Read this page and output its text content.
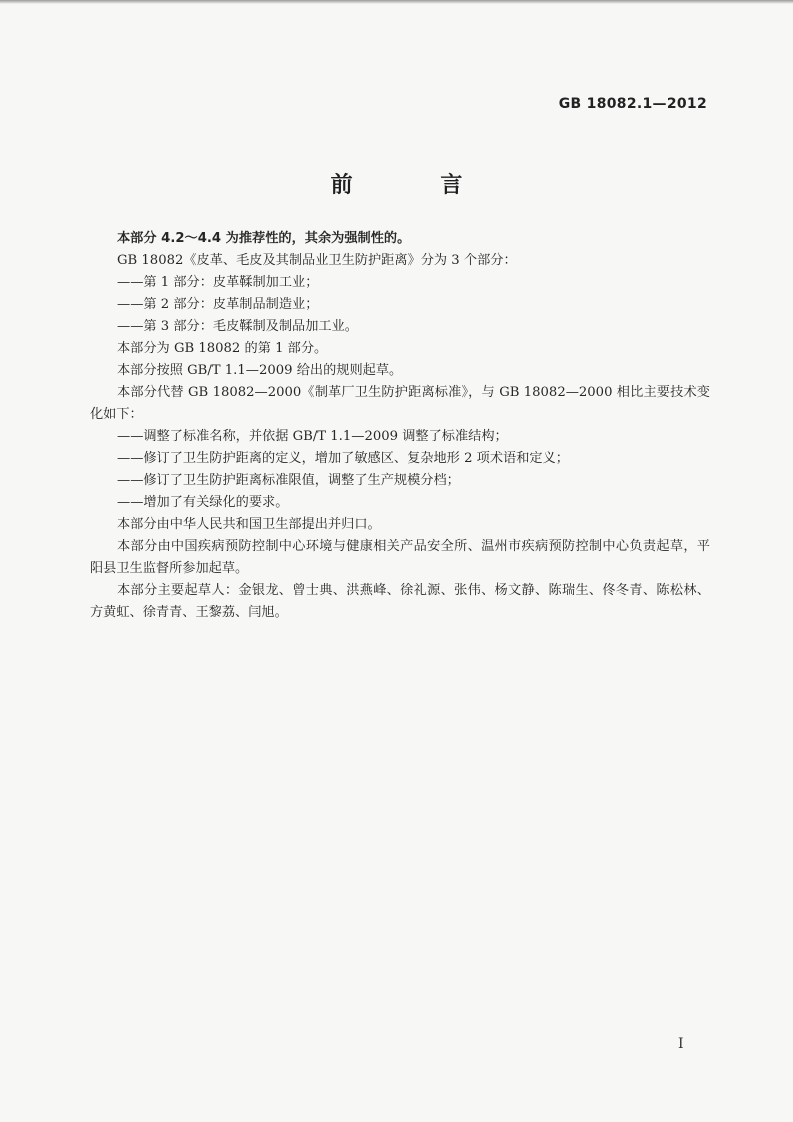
GB 18082.1—2012
前 言

本部分 4.2～4.4 为推荐性的，其余为强制性的。

GB 18082《皮革、毛皮及其制品业卫生防护距离》分为 3 个部分：

——第 1 部分：皮革鞣制加工业；

——第 2 部分：皮革制品制造业；

——第 3 部分：毛皮鞣制及制品加工业。

本部分为 GB 18082 的第 1 部分。

本部分按照 GB/T 1.1—2009 给出的规则起草。

本部分代替 GB 18082—2000《制革厂卫生防护距离标准》，与 GB 18082—2000 相比主要技术变化如下：

——调整了标准名称，并依据 GB/T 1.1—2009 调整了标准结构；

——修订了卫生防护距离的定义，增加了敏感区、复杂地形 2 项术语和定义；

——修订了卫生防护距离标准限值，调整了生产规模分档；

——增加了有关绿化的要求。

本部分由中华人民共和国卫生部提出并归口。

本部分由中国疾病预防控制中心环境与健康相关产品安全所、温州市疾病预防控制中心负责起草，平阳县卫生监督所参加起草。

本部分主要起草人：金银龙、曾士典、洪燕峰、徐礼源、张伟、杨文静、陈瑞生、佟冬青、陈松林、方黄虹、徐青青、王黎荔、闫旭。

I
